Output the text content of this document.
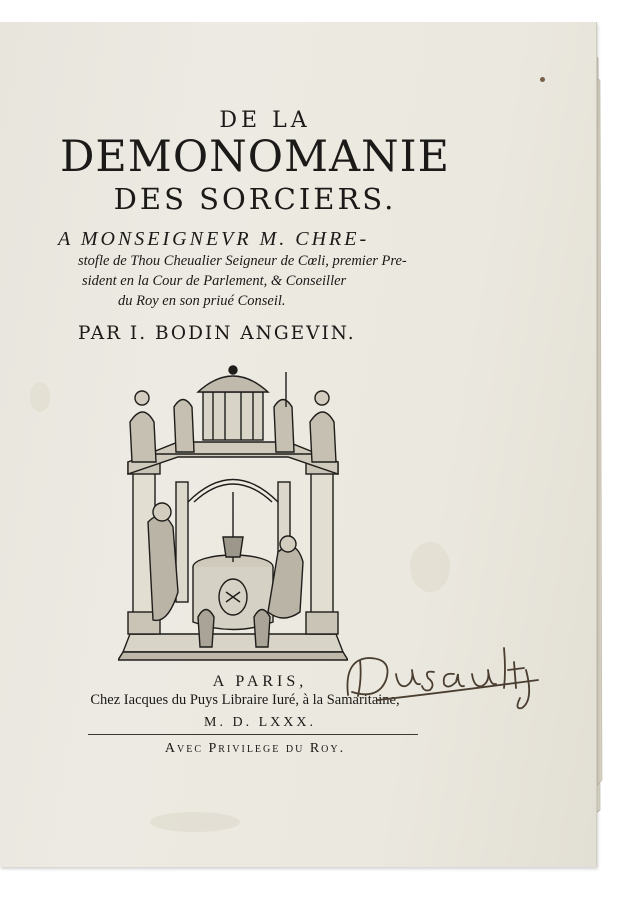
DE LA
DEMONOMANIE
DES SORCIERS.
A MONSEIGNEVR M. CHRE-
stofle de Thou Cheualier Seigneur de Cœli, premier Pre-
sident en la Cour de Parlement, & Conseiller
du Roy en son priué Conseil.
PAR I. BODIN ANGEVIN.
A PARIS,
Chez Iacques du Puys Libraire Iuré, à la Samaritaine,
M. D. LXXX.
Avec Privilege du Roy.
